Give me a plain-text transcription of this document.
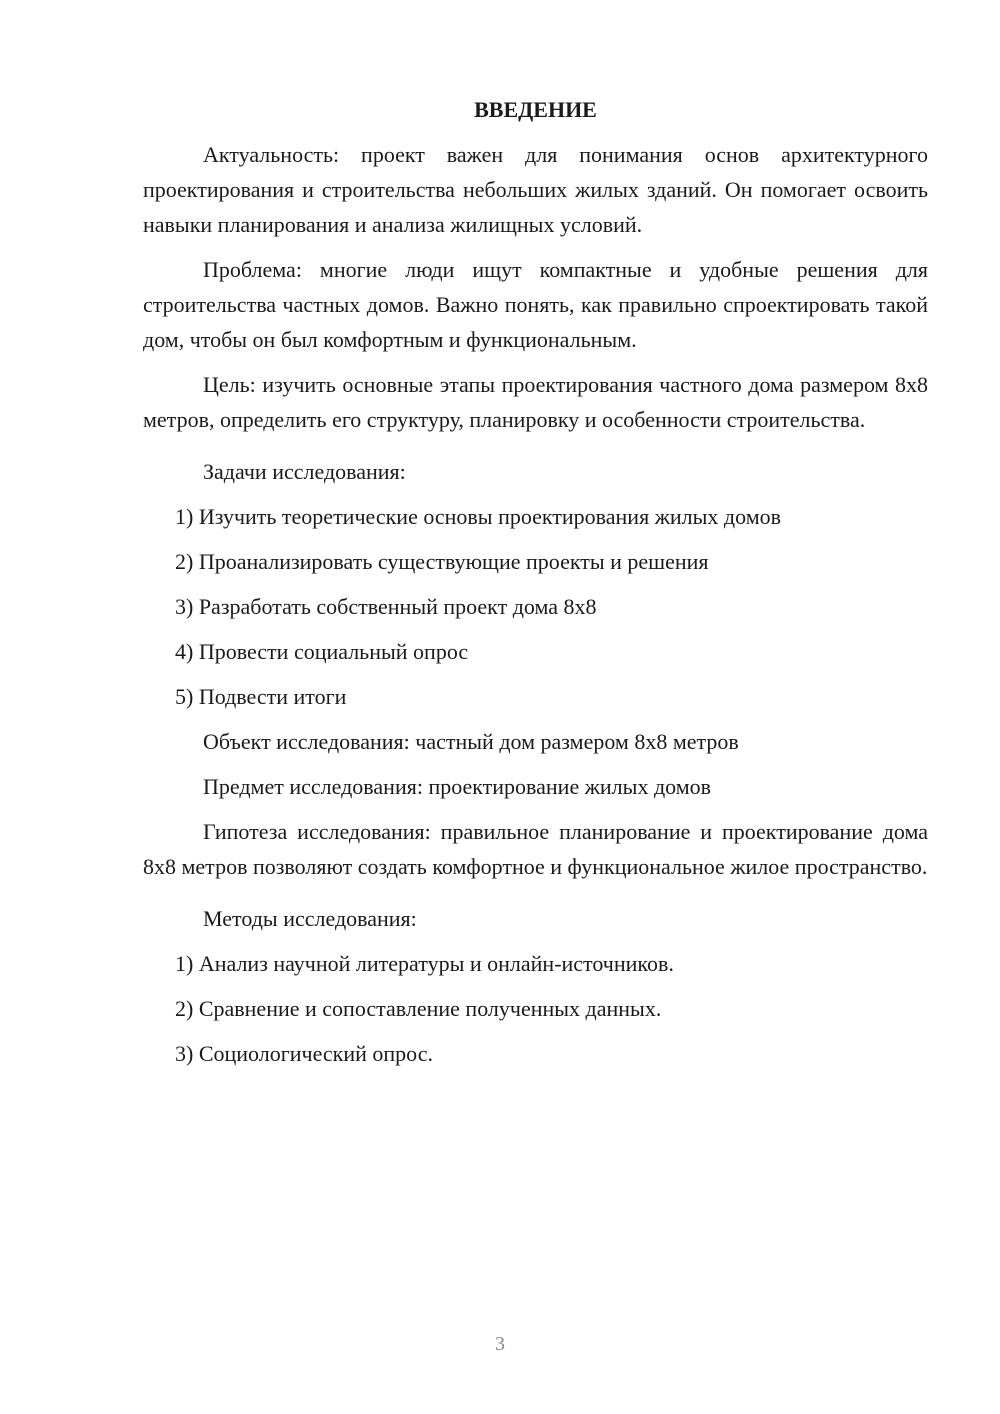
ВВЕДЕНИЕ

Актуальность: проект важен для понимания основ архитектурного проектирования и строительства небольших жилых зданий. Он помогает освоить навыки планирования и анализа жилищных условий.

Проблема: многие люди ищут компактные и удобные решения для строительства частных домов. Важно понять, как правильно спроектировать такой дом, чтобы он был комфортным и функциональным.

Цель: изучить основные этапы проектирования частного дома размером 8х8 метров, определить его структуру, планировку и особенности строительства.

Задачи исследования:

1) Изучить теоретические основы проектирования жилых домов
2) Проанализировать существующие проекты и решения
3) Разработать собственный проект дома 8х8
4) Провести социальный опрос
5) Подвести итоги

Объект исследования: частный дом размером 8х8 метров

Предмет исследования: проектирование жилых домов

Гипотеза исследования: правильное планирование и проектирование дома 8х8 метров позволяют создать комфортное и функциональное жилое пространство.

Методы исследования:

1) Анализ научной литературы и онлайн-источников.
2) Сравнение и сопоставление полученных данных.
3) Социологический опрос.
3
